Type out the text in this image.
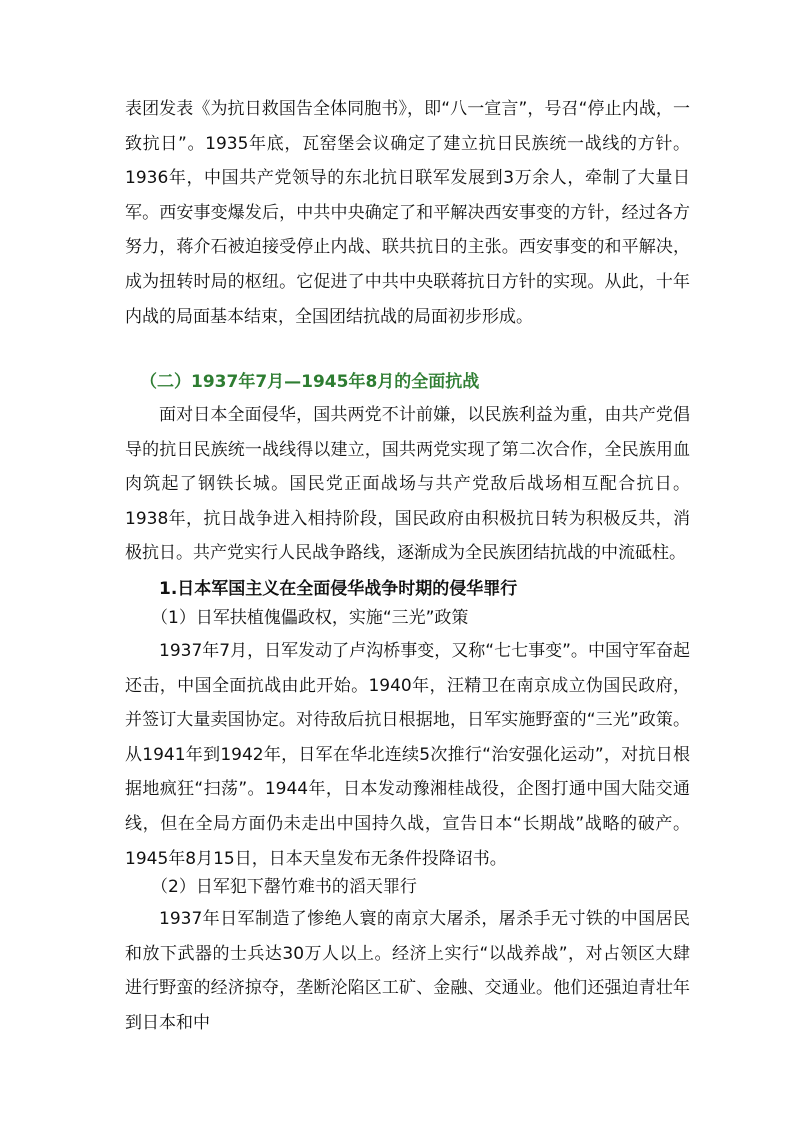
表团发表《为抗日救国告全体同胞书》，即“八一宣言”，号召“停止内战，一致抗日”。1935年底，瓦窑堡会议确定了建立抗日民族统一战线的方针。1936年，中国共产党领导的东北抗日联军发展到3万余人，牵制了大量日军。西安事变爆发后，中共中央确定了和平解决西安事变的方针，经过各方努力，蒋介石被迫接受停止内战、联共抗日的主张。西安事变的和平解决，成为扭转时局的枢纽。它促进了中共中央联蒋抗日方针的实现。从此，十年内战的局面基本结束，全国团结抗战的局面初步形成。

（二）1937年7月—1945年8月的全面抗战

面对日本全面侵华，国共两党不计前嫌，以民族利益为重，由共产党倡导的抗日民族统一战线得以建立，国共两党实现了第二次合作，全民族用血肉筑起了钢铁长城。国民党正面战场与共产党敌后战场相互配合抗日。1938年，抗日战争进入相持阶段，国民政府由积极抗日转为积极反共，消极抗日。共产党实行人民战争路线，逐渐成为全民族团结抗战的中流砥柱。

1.日本军国主义在全面侵华战争时期的侵华罪行

（1）日军扶植傀儡政权，实施“三光”政策

1937年7月，日军发动了卢沟桥事变，又称“七七事变”。中国守军奋起还击，中国全面抗战由此开始。1940年，汪精卫在南京成立伪国民政府，并签订大量卖国协定。对待敌后抗日根据地，日军实施野蛮的“三光”政策。从1941年到1942年，日军在华北连续5次推行“治安强化运动”，对抗日根据地疯狂“扫荡”。1944年，日本发动豫湘桂战役，企图打通中国大陆交通线，但在全局方面仍未走出中国持久战，宣告日本“长期战”战略的破产。1945年8月15日，日本天皇发布无条件投降诏书。

（2）日军犯下罄竹难书的滔天罪行

1937年日军制造了惨绝人寰的南京大屠杀，屠杀手无寸铁的中国居民和放下武器的士兵达30万人以上。经济上实行“以战养战”，对占领区大肆进行野蛮的经济掠夺，垄断沦陷区工矿、金融、交通业。他们还强迫青壮年到日本和中
